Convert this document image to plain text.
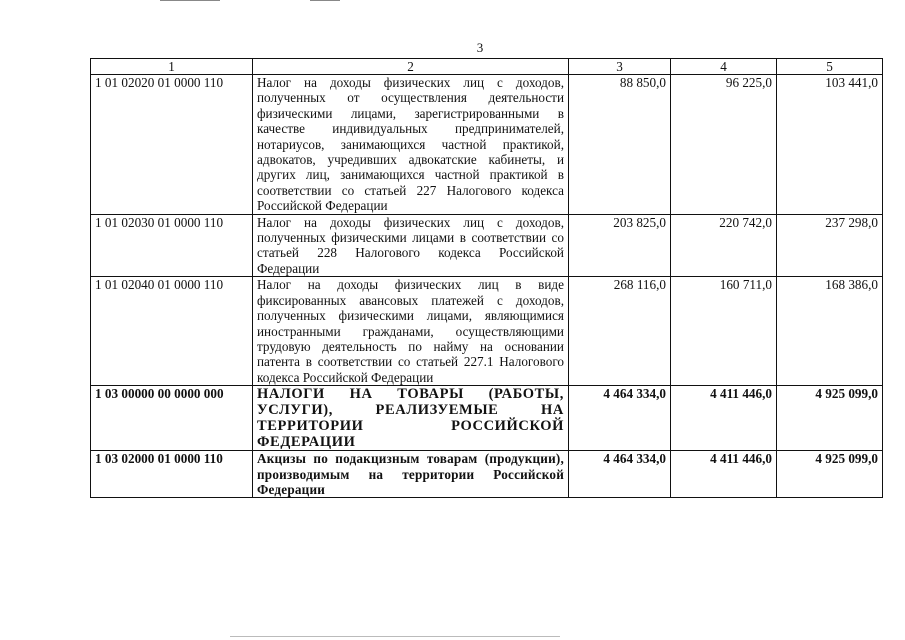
3
1	2	3	4	5
1 01 02020 01 0000 110	Налог на доходы физических лиц с доходов, полученных от осуществления деятельности физическими лицами, зарегистрированными в качестве индивидуальных предпринимателей, нотариусов, занимающихся частной практикой, адвокатов, учредивших адвокатские кабинеты, и других лиц, занимающихся частной практикой в соответствии со статьей 227 Налогового кодекса Российской Федерации	88 850,0	96 225,0	103 441,0
1 01 02030 01 0000 110	Налог на доходы физических лиц с доходов, полученных физическими лицами в соответствии со статьей 228 Налогового кодекса Российской Федерации	203 825,0	220 742,0	237 298,0
1 01 02040 01 0000 110	Налог на доходы физических лиц в виде фиксированных авансовых платежей с доходов, полученных физическими лицами, являющимися иностранными гражданами, осуществляющими трудовую деятельность по найму на основании патента в соответствии со статьей 227.1 Налогового кодекса Российской Федерации	268 116,0	160 711,0	168 386,0
1 03 00000 00 0000 000	НАЛОГИ НА ТОВАРЫ (РАБОТЫ, УСЛУГИ), РЕАЛИЗУЕМЫЕ НА ТЕРРИТОРИИ РОССИЙСКОЙ ФЕДЕРАЦИИ	4 464 334,0	4 411 446,0	4 925 099,0
1 03 02000 01 0000 110	Акцизы по подакцизным товарам (продукции), производимым на территории Российской Федерации	4 464 334,0	4 411 446,0	4 925 099,0
